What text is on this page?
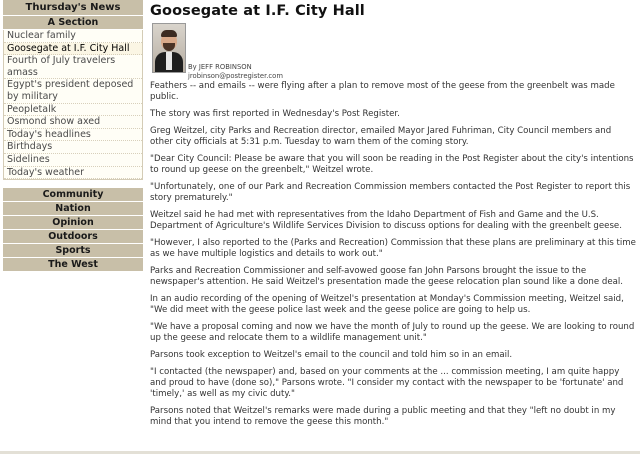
Thursday's News
A Section
Nuclear family
Goosegate at I.F. City Hall
Fourth of July travelers amass
Egypt's president deposed by military
Peopletalk
Osmond show axed
Today's headlines
Birthdays
Sidelines
Today's weather
Community
Nation
Opinion
Outdoors
Sports
The West
Goosegate at I.F. City Hall
By JEFF ROBINSON
jrobinson@postregister.com

Feathers -- and emails -- were flying after a plan to remove most of the geese from the greenbelt was made public.

The story was first reported in Wednesday's Post Register.

Greg Weitzel, city Parks and Recreation director, emailed Mayor Jared Fuhriman, City Council members and other city officials at 5:31 p.m. Tuesday to warn them of the coming story.

"Dear City Council: Please be aware that you will soon be reading in the Post Register about the city's intentions to round up geese on the greenbelt," Weitzel wrote.

"Unfortunately, one of our Park and Recreation Commission members contacted the Post Register to report this story prematurely."

Weitzel said he had met with representatives from the Idaho Department of Fish and Game and the U.S. Department of Agriculture's Wildlife Services Division to discuss options for dealing with the greenbelt geese.

"However, I also reported to the (Parks and Recreation) Commission that these plans are preliminary at this time as we have multiple logistics and details to work out."

Parks and Recreation Commissioner and self-avowed goose fan John Parsons brought the issue to the newspaper's attention. He said Weitzel's presentation made the geese relocation plan sound like a done deal.

In an audio recording of the opening of Weitzel's presentation at Monday's Commission meeting, Weitzel said, "We did meet with the geese police last week and the geese police are going to help us.

"We have a proposal coming and now we have the month of July to round up the geese. We are looking to round up the geese and relocate them to a wildlife management unit."

Parsons took exception to Weitzel's email to the council and told him so in an email.

"I contacted (the newspaper) and, based on your comments at the ... commission meeting, I am quite happy and proud to have (done so)," Parsons wrote. "I consider my contact with the newspaper to be 'fortunate' and 'timely,' as well as my civic duty."

Parsons noted that Weitzel's remarks were made during a public meeting and that they "left no doubt in my mind that you intend to remove the geese this month."
